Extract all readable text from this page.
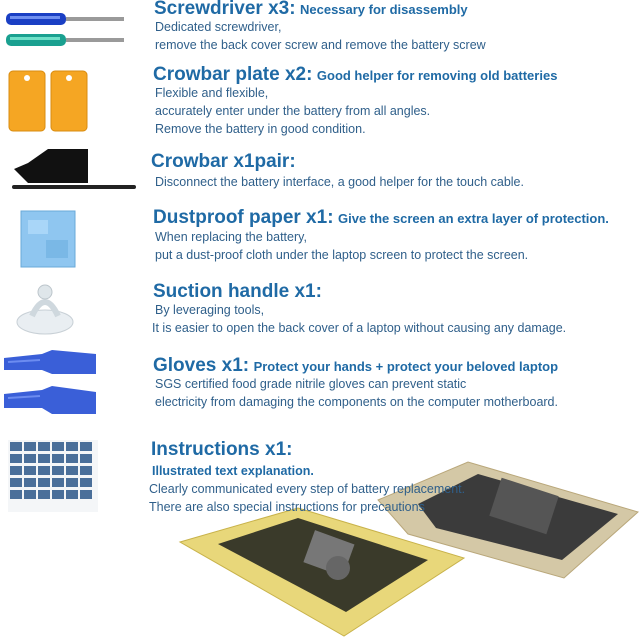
Screwdriver x3: Necessary for disassembly
Dedicated screwdriver,
remove the back cover screw and remove the battery screw
Crowbar plate x2: Good helper for removing old batteries
Flexible and flexible,
accurately enter under the battery from all angles.
Remove the battery in good condition.
Crowbar x1pair:
Disconnect the battery interface, a good helper for the touch cable.
Dustproof paper x1: Give the screen an extra layer of protection.
When replacing the battery,
put a dust-proof cloth under the laptop screen to protect the screen.
Suction handle x1:
By leveraging tools,
It is easier to open the back cover of a laptop without causing any damage.
Gloves x1: Protect your hands + protect your beloved laptop
SGS certified food grade nitrile gloves can prevent static
electricity from damaging the components on the computer motherboard.
Instructions x1:
Illustrated text explanation.
Clearly communicated every step of battery replacement.
There are also special instructions for precautions
